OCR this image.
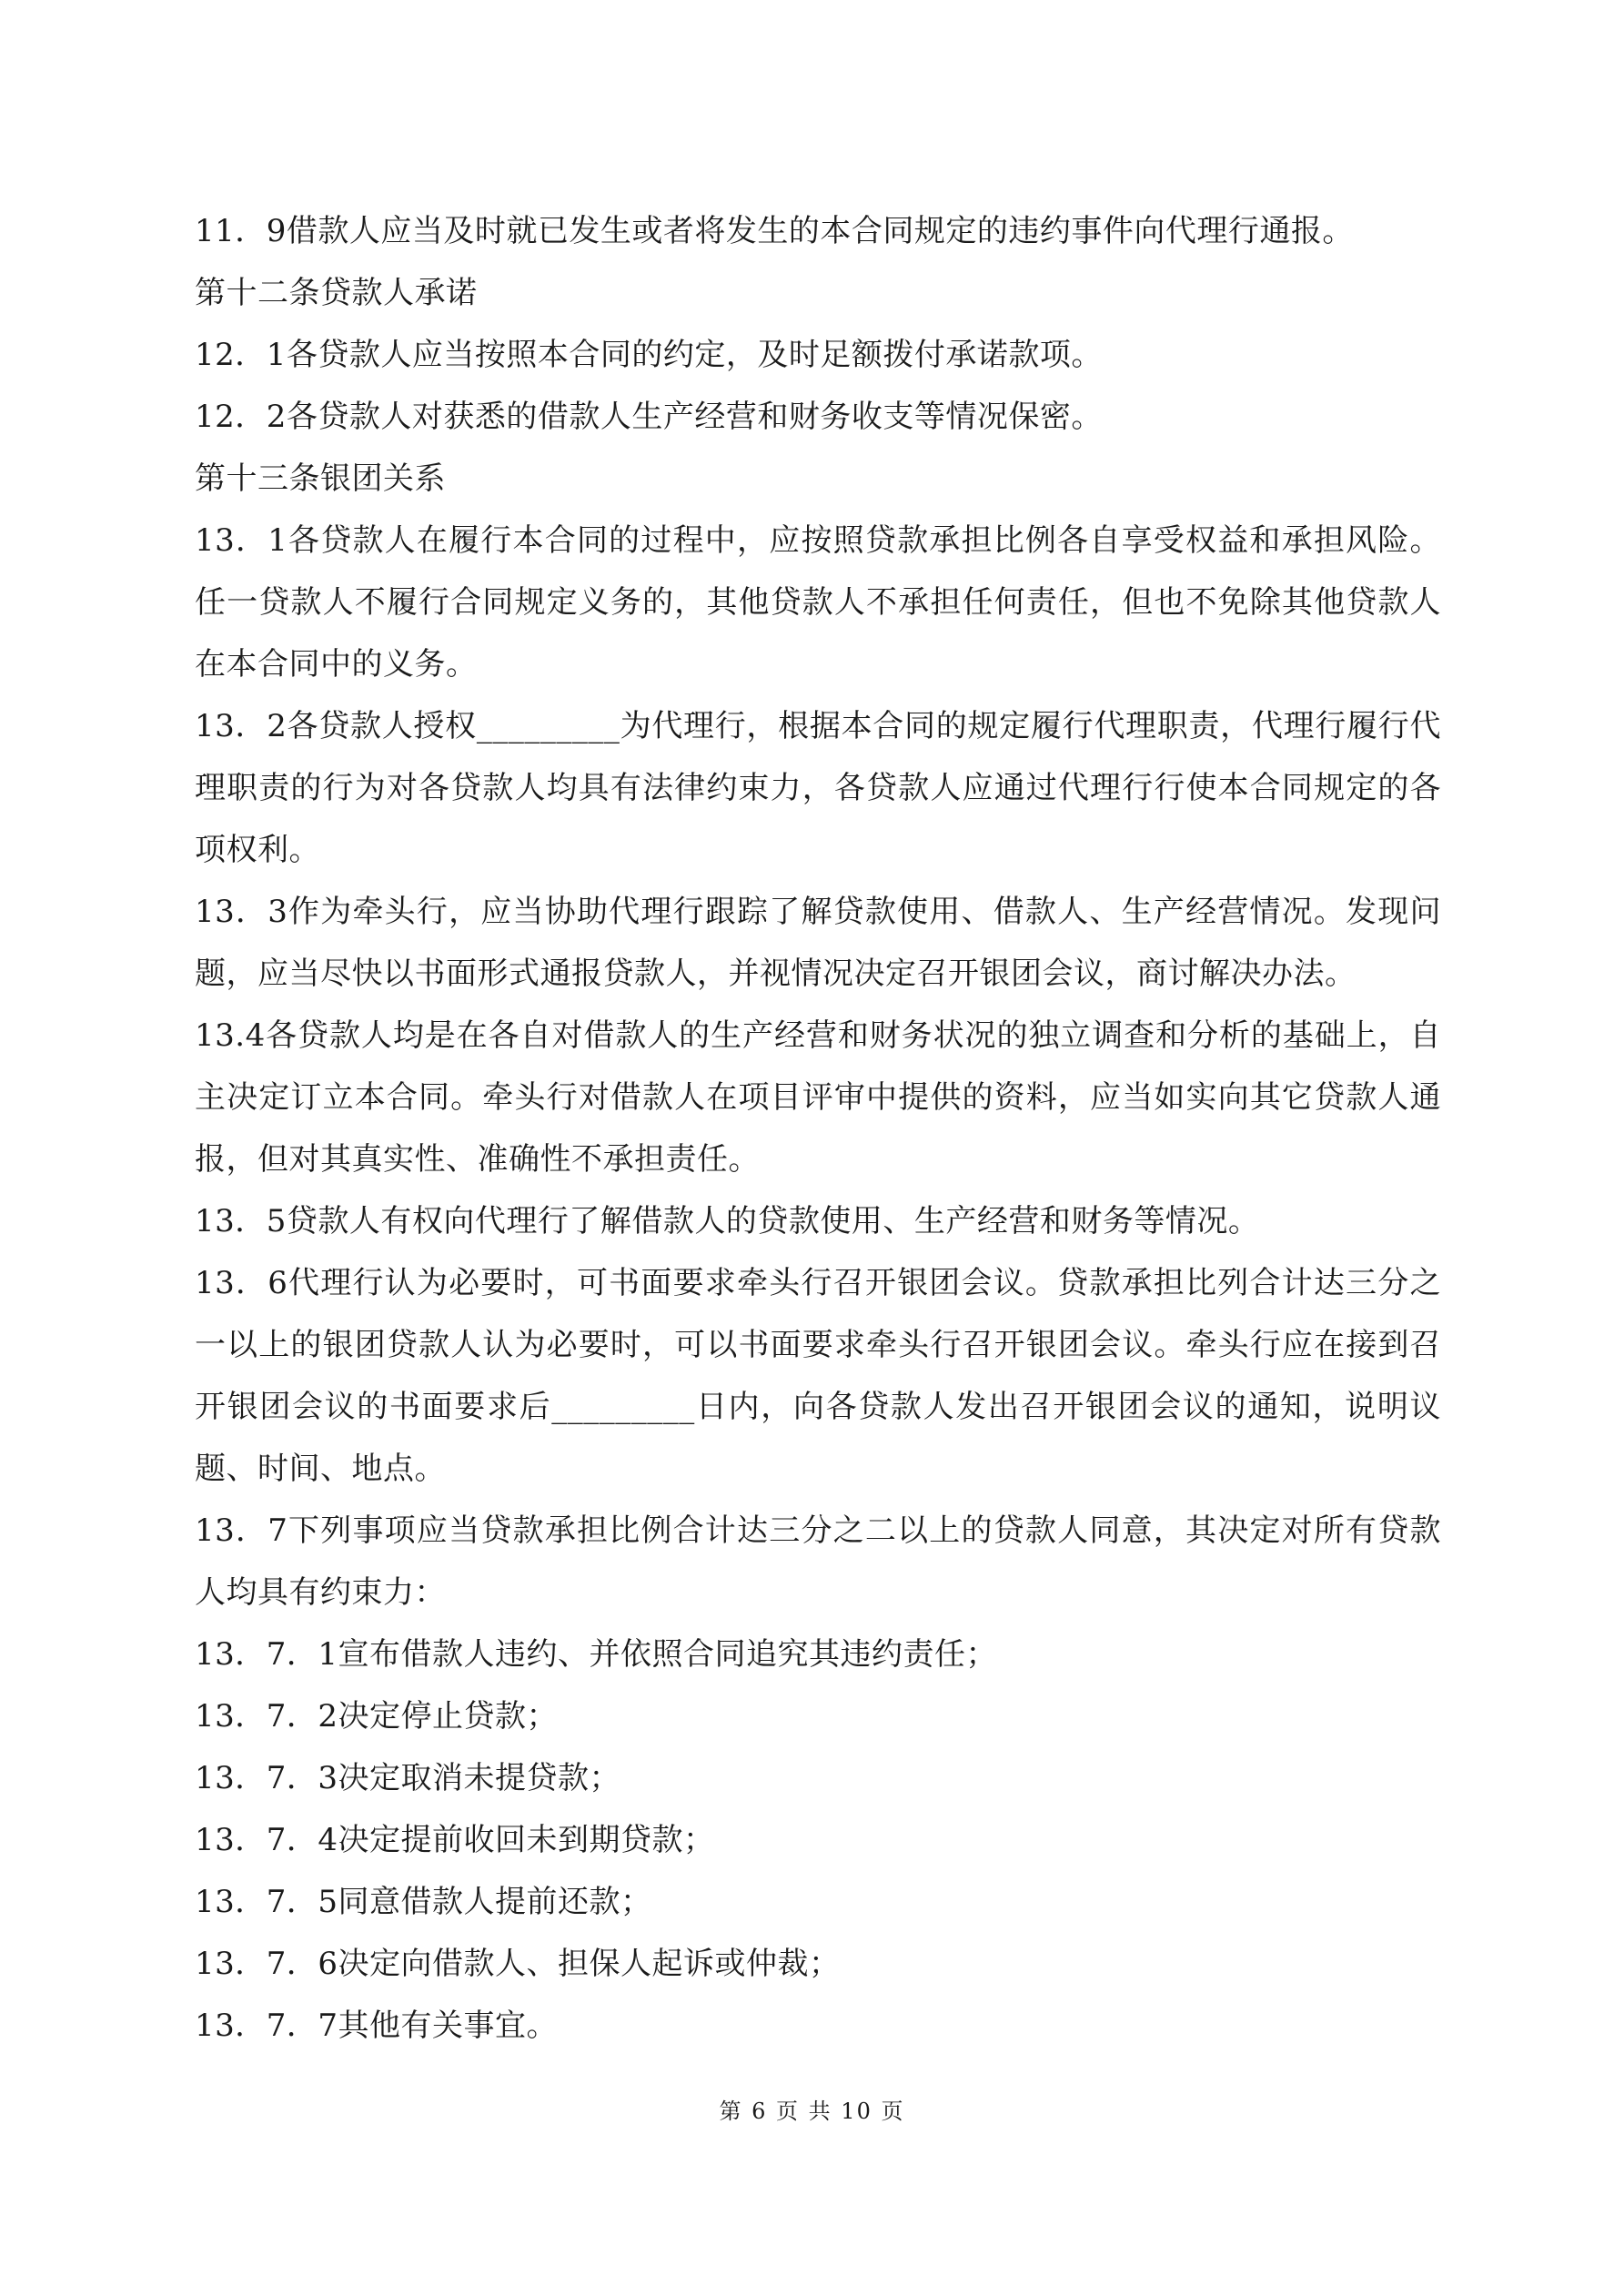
11．9借款人应当及时就已发生或者将发生的本合同规定的违约事件向代理行通报。

第十二条贷款人承诺

12．1各贷款人应当按照本合同的约定，及时足额拨付承诺款项。

12．2各贷款人对获悉的借款人生产经营和财务收支等情况保密。

第十三条银团关系

13．1各贷款人在履行本合同的过程中，应按照贷款承担比例各自享受权益和承担风险。任一贷款人不履行合同规定义务的，其他贷款人不承担任何责任，但也不免除其他贷款人在本合同中的义务。

13．2各贷款人授权_________为代理行，根据本合同的规定履行代理职责，代理行履行代理职责的行为对各贷款人均具有法律约束力，各贷款人应通过代理行行使本合同规定的各项权利。

13．3作为牵头行，应当协助代理行跟踪了解贷款使用、借款人、生产经营情况。发现问题，应当尽快以书面形式通报贷款人，并视情况决定召开银团会议，商讨解决办法。

13.4各贷款人均是在各自对借款人的生产经营和财务状况的独立调查和分析的基础上，自主决定订立本合同。牵头行对借款人在项目评审中提供的资料，应当如实向其它贷款人通报，但对其真实性、准确性不承担责任。

13．5贷款人有权向代理行了解借款人的贷款使用、生产经营和财务等情况。

13．6代理行认为必要时，可书面要求牵头行召开银团会议。贷款承担比列合计达三分之一以上的银团贷款人认为必要时，可以书面要求牵头行召开银团会议。牵头行应在接到召开银团会议的书面要求后_________日内，向各贷款人发出召开银团会议的通知，说明议题、时间、地点。

13．7下列事项应当贷款承担比例合计达三分之二以上的贷款人同意，其决定对所有贷款人均具有约束力：

13．7．1宣布借款人违约、并依照合同追究其违约责任；

13．7．2决定停止贷款；

13．7．3决定取消未提贷款；

13．7．4决定提前收回未到期贷款；

13．7．5同意借款人提前还款；

13．7．6决定向借款人、担保人起诉或仲裁；

13．7．7其他有关事宜。

第 6 页 共 10 页
